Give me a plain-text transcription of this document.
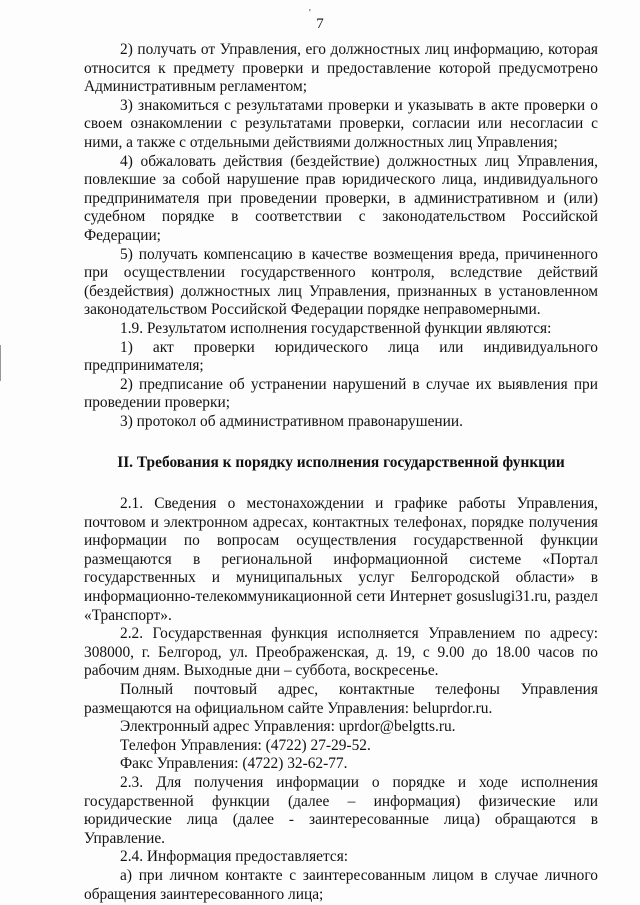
'
7

2) получать от Управления, его должностных лиц информацию, которая относится к предмету проверки и предоставление которой предусмотрено Административным регламентом;

3) знакомиться с результатами проверки и указывать в акте проверки о своем ознакомлении с результатами проверки, согласии или несогласии с ними, а также с отдельными действиями должностных лиц Управления;

4) обжаловать действия (бездействие) должностных лиц Управления, повлекшие за собой нарушение прав юридического лица, индивидуального предпринимателя при проведении проверки, в административном и (или) судебном порядке в соответствии с законодательством Российской Федерации;

5) получать компенсацию в качестве возмещения вреда, причиненного при осуществлении государственного контроля, вследствие действий (бездействия) должностных лиц Управления, признанных в установленном законодательством Российской Федерации порядке неправомерными.

1.9. Результатом исполнения государственной функции являются:

1) акт проверки юридического лица или индивидуального предпринимателя;

2) предписание об устранении нарушений в случае их выявления при проведении проверки;

3) протокол об административном правонарушении.

II. Требования к порядку исполнения государственной функции

2.1. Сведения о местонахождении и графике работы Управления, почтовом и электронном адресах, контактных телефонах, порядке получения информации по вопросам осуществления государственной функции размещаются в региональной информационной системе «Портал государственных и муниципальных услуг Белгородской области» в информационно-телекоммуникационной сети Интернет gosuslugi31.ru, раздел «Транспорт».

2.2. Государственная функция исполняется Управлением по адресу: 308000, г. Белгород, ул. Преображенская, д. 19, с 9.00 до 18.00 часов по рабочим дням. Выходные дни – суббота, воскресенье.

Полный почтовый адрес, контактные телефоны Управления размещаются на официальном сайте Управления: beluprdor.ru.

Электронный адрес Управления: uprdor@belgtts.ru.

Телефон Управления: (4722) 27-29-52.

Факс Управления: (4722) 32-62-77.

2.3. Для получения информации о порядке и ходе исполнения государственной функции (далее – информация) физические или юридические лица (далее - заинтересованные лица) обращаются в Управление.

2.4. Информация предоставляется:

а) при личном контакте с заинтересованным лицом в случае личного обращения заинтересованного лица;
